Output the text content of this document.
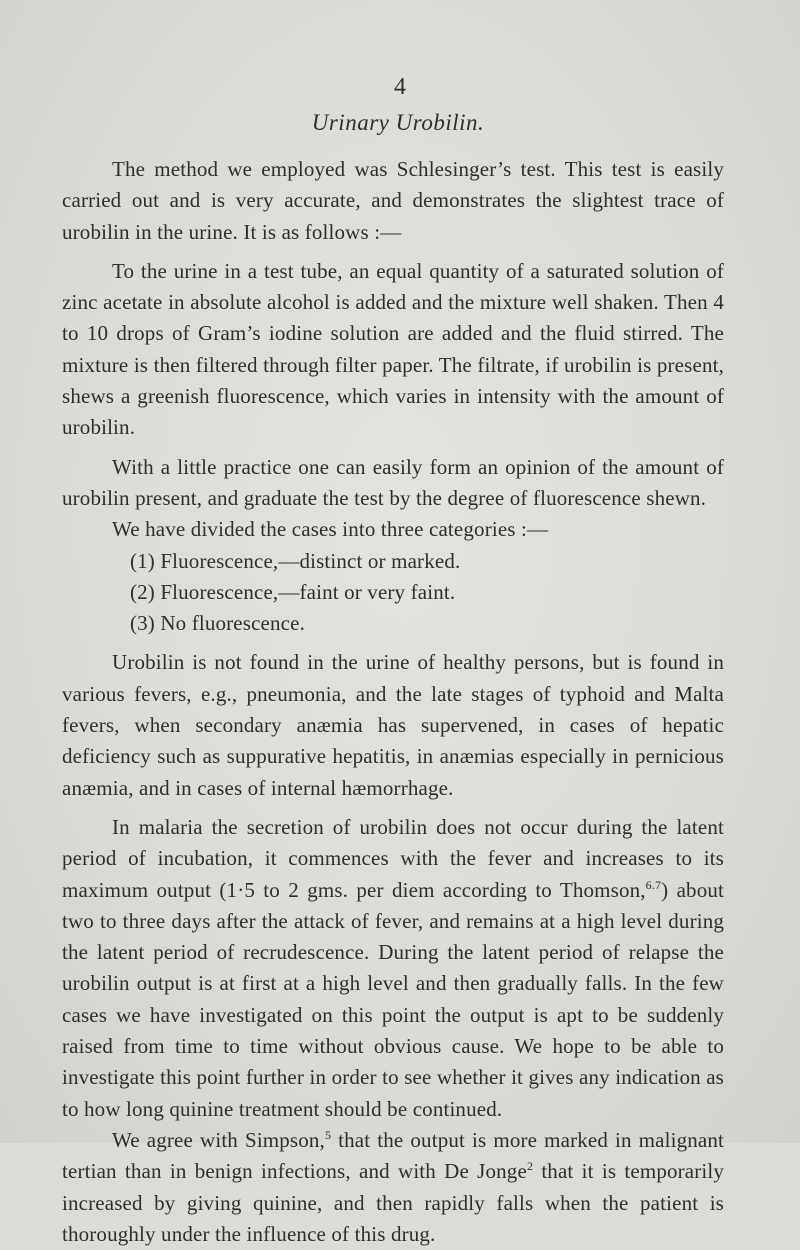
4
Urinary Urobilin.

The method we employed was Schlesinger’s test. This test is easily carried out and is very accurate, and demonstrates the slightest trace of urobilin in the urine. It is as follows :—

To the urine in a test tube, an equal quantity of a saturated solution of zinc acetate in absolute alcohol is added and the mixture well shaken. Then 4 to 10 drops of Gram’s iodine solution are added and the fluid stirred. The mixture is then filtered through filter paper. The filtrate, if urobilin is present, shews a greenish fluorescence, which varies in intensity with the amount of urobilin.

With a little practice one can easily form an opinion of the amount of urobilin present, and graduate the test by the degree of fluorescence shewn.

We have divided the cases into three categories :—

(1) Fluorescence,—distinct or marked.
(2) Fluorescence,—faint or very faint.
(3) No fluorescence.

Urobilin is not found in the urine of healthy persons, but is found in various fevers, e.g., pneumonia, and the late stages of typhoid and Malta fevers, when secondary anæmia has supervened, in cases of hepatic deficiency such as suppurative hepatitis, in anæmias especially in pernicious anæmia, and in cases of internal hæmorrhage.

In malaria the secretion of urobilin does not occur during the latent period of incubation, it commences with the fever and increases to its maximum output (1·5 to 2 gms. per diem according to Thomson,$^{6.7}$) about two to three days after the attack of fever, and remains at a high level during the latent period of recrudescence. During the latent period of relapse the urobilin output is at first at a high level and then gradually falls. In the few cases we have investigated on this point the output is apt to be suddenly raised from time to time without obvious cause. We hope to be able to investigate this point further in order to see whether it gives any indication as to how long quinine treatment should be continued.

We agree with Simpson,$^5$ that the output is more marked in malignant tertian than in benign infections, and with De Jonge$^2$ that it is temporarily increased by giving quinine, and then rapidly falls when the patient is thoroughly under the influence of this drug.
